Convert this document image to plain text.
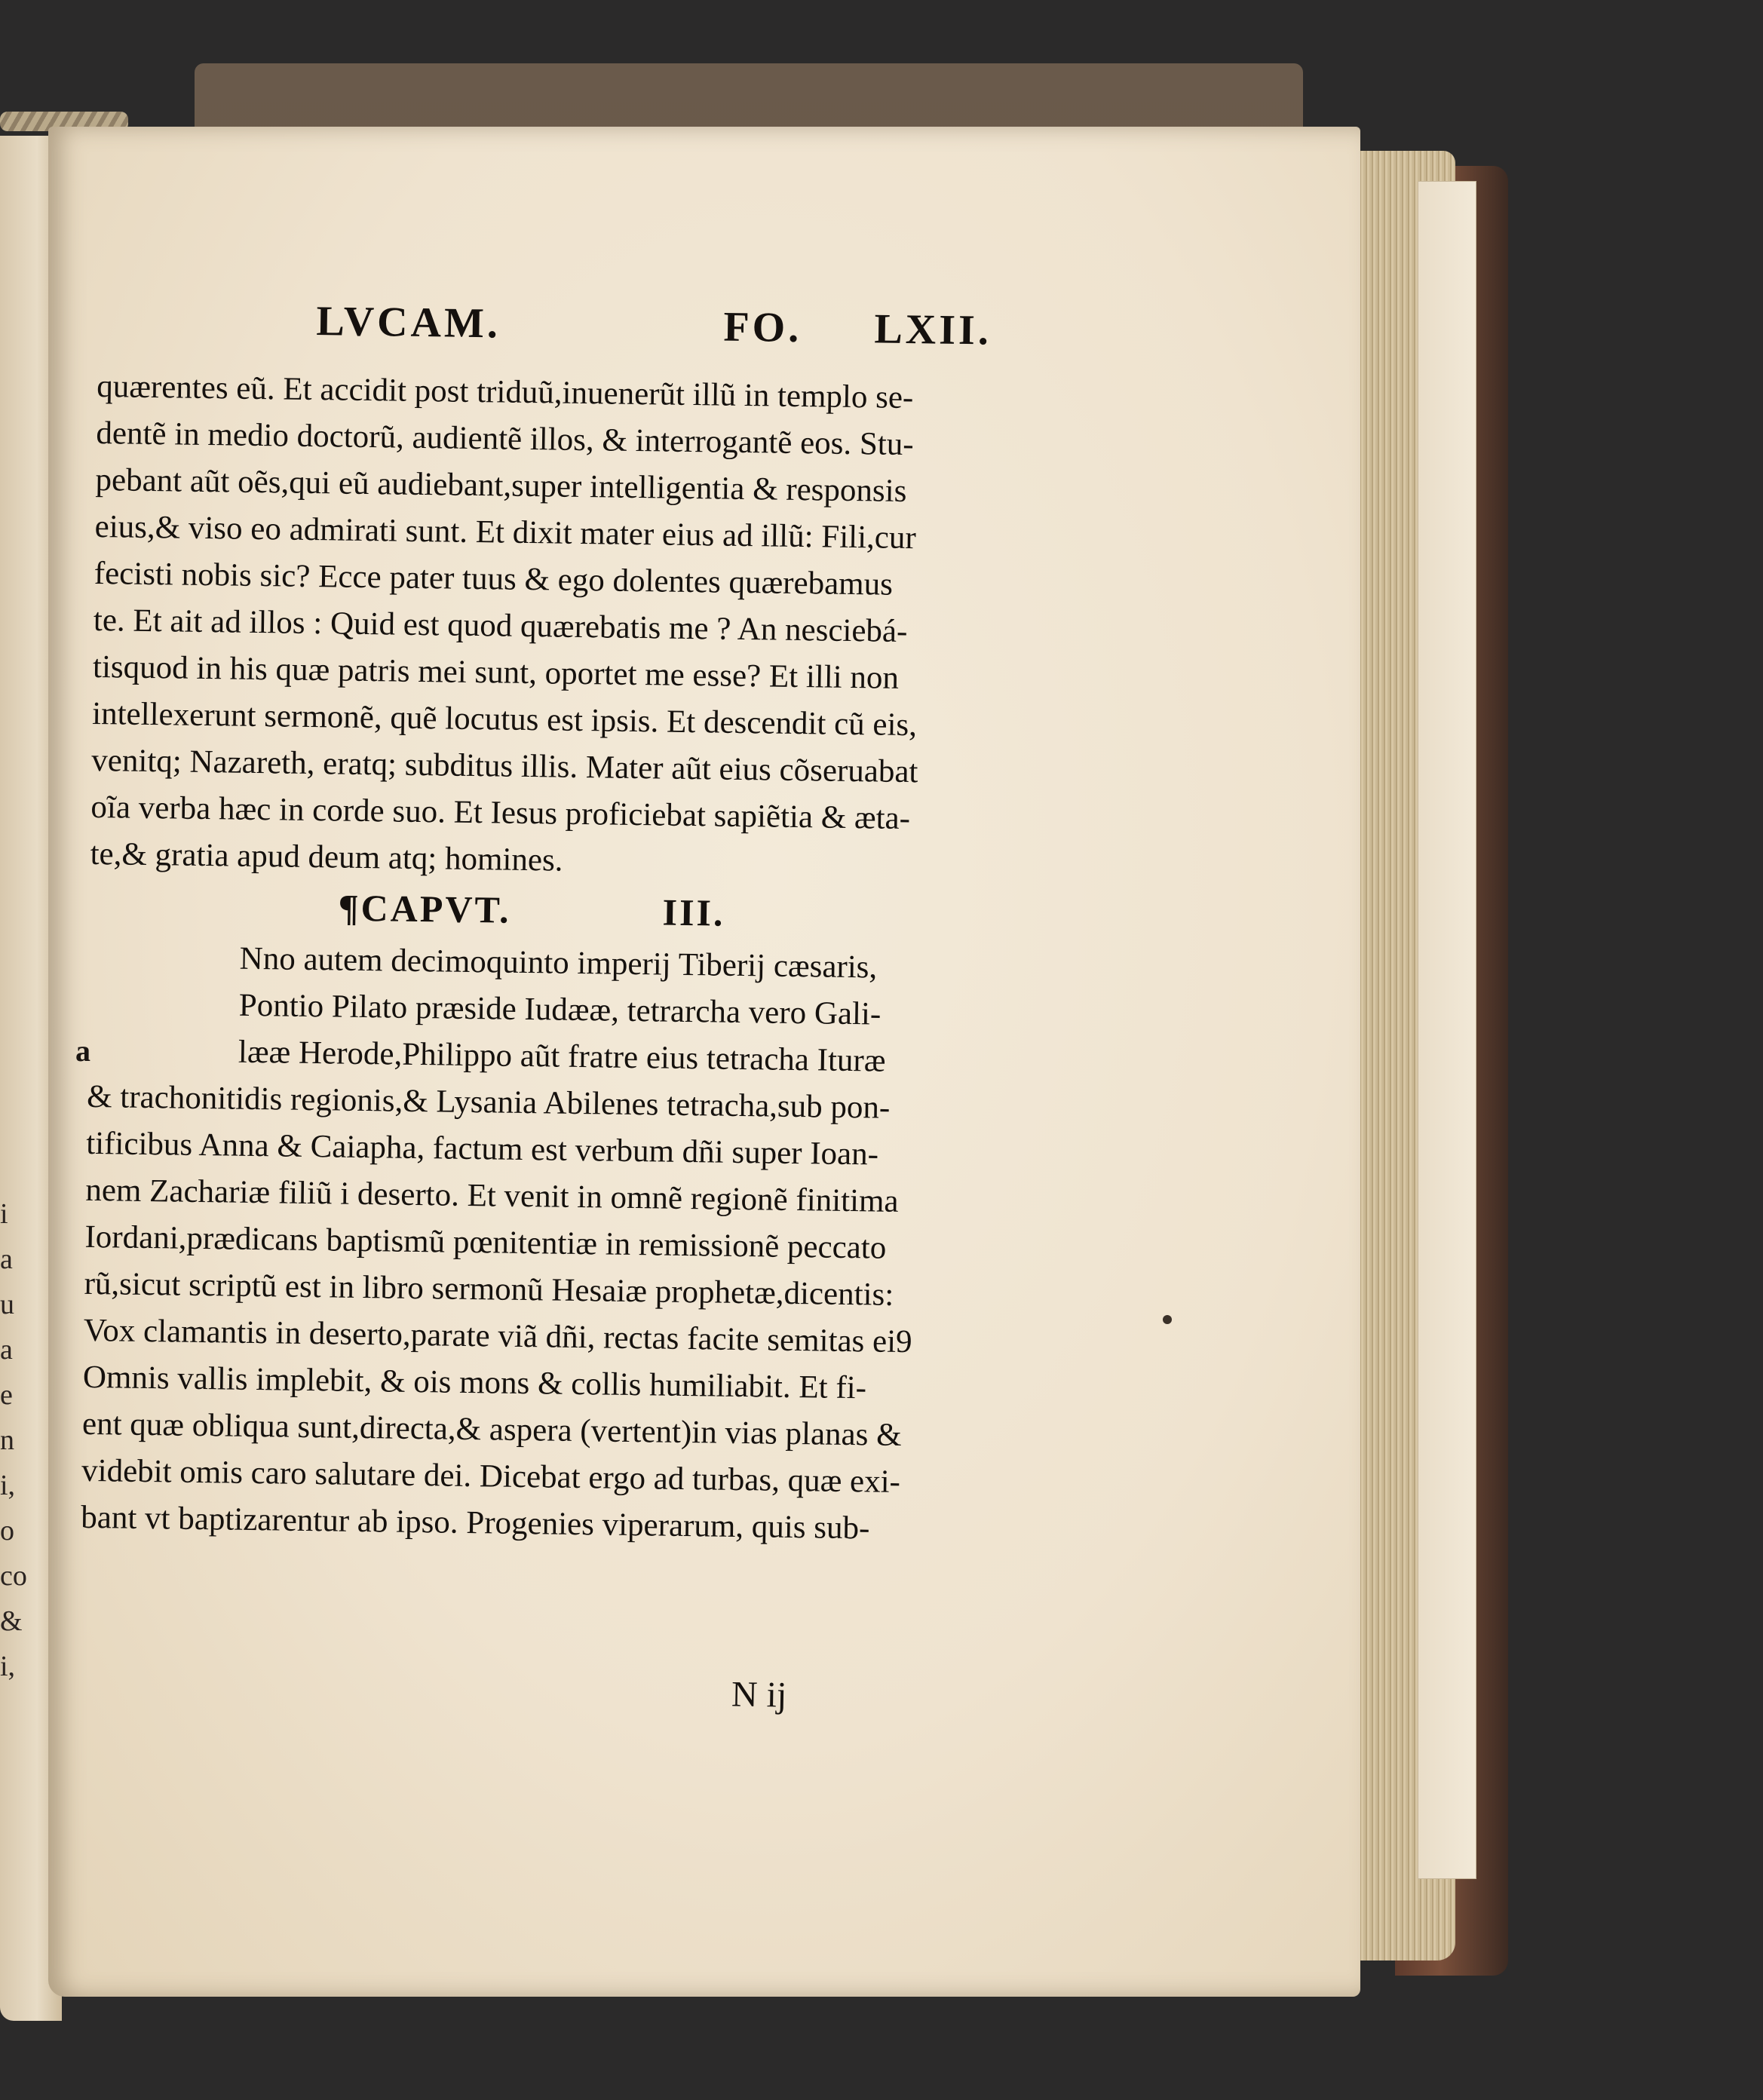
i
a
u
a
e
n
i,
o
co
&
i,
LVCAM.	FO. LXII.
quærentes eũ. Et accidit post triduũ,inuenerũt illũ in templo se-
dentẽ in medio doctorũ, audientẽ illos, & interrogantẽ eos. Stu-
pebant aũt oẽs,qui eũ audiebant,super intelligentia & responsis
eius,& viso eo admirati sunt. Et dixit mater eius ad illũ: Fili,cur
fecisti nobis sic? Ecce pater tuus & ego dolentes quærebamus
te. Et ait ad illos : Quid est quod quærebatis me ? An nesciebá-
tisquod in his quæ patris mei sunt, oportet me esse? Et illi non
intellexerunt sermonẽ, quẽ locutus est ipsis. Et descendit cũ eis,
venitq; Nazareth, eratq; subditus illis. Mater aũt eius cõseruabat
oĩa verba hæc in corde suo. Et Iesus proficiebat sapiẽtia & æta-
te,& gratia apud deum atq; homines.
¶CAPVT.	III.
Nno autem decimoquinto imperij Tiberij cæsaris,
Pontio Pilato præside Iudææ, tetrarcha vero Gali-
lææ Herode,Philippo aũt fratre eius tetracha Ituræ
& trachonitidis regionis,& Lysania Abilenes tetracha,sub pon-
tificibus Anna & Caiapha, factum est verbum dñi super Ioan-
nem Zachariæ filiũ i deserto. Et venit in omnẽ regionẽ finitima
Iordani,prædicans baptismũ pœnitentiæ in remissionẽ peccato
rũ,sicut scriptũ est in libro sermonũ Hesaiæ prophetæ,dicentis:
Vox clamantis in deserto,parate viã dñi, rectas facite semitas ei9
Omnis vallis implebit, & ois mons & collis humiliabit. Et fi-
ent quæ obliqua sunt,directa,& aspera (vertent)in vias planas &
videbit omis caro salutare dei. Dicebat ergo ad turbas, quæ exi-
bant vt baptizarentur ab ipso. Progenies viperarum, quis sub-
a
N ij
